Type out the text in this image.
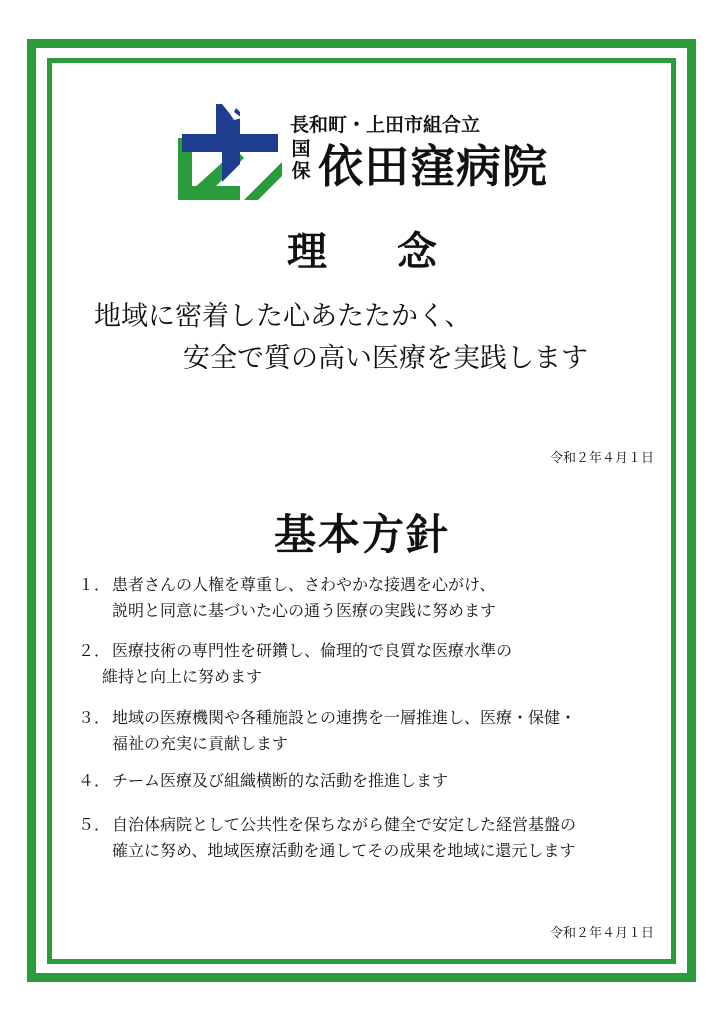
長和町・上田市組合立
国保 依田窪病院
理念
地域に密着した心あたたかく、
安全で質の高い医療を実践します
令和２年４月１日
基本方針
１． 患者さんの人権を尊重し、さわやかな接遇を心がけ、
説明と同意に基づいた心の通う医療の実践に努めます
２． 医療技術の専門性を研鑽し、倫理的で良質な医療水準の
維持と向上に努めます
３． 地域の医療機関や各種施設との連携を一層推進し、医療・保健・
福祉の充実に貢献します
４． チーム医療及び組織横断的な活動を推進します
５． 自治体病院として公共性を保ちながら健全で安定した経営基盤の
確立に努め、地域医療活動を通してその成果を地域に還元します
令和２年４月１日
